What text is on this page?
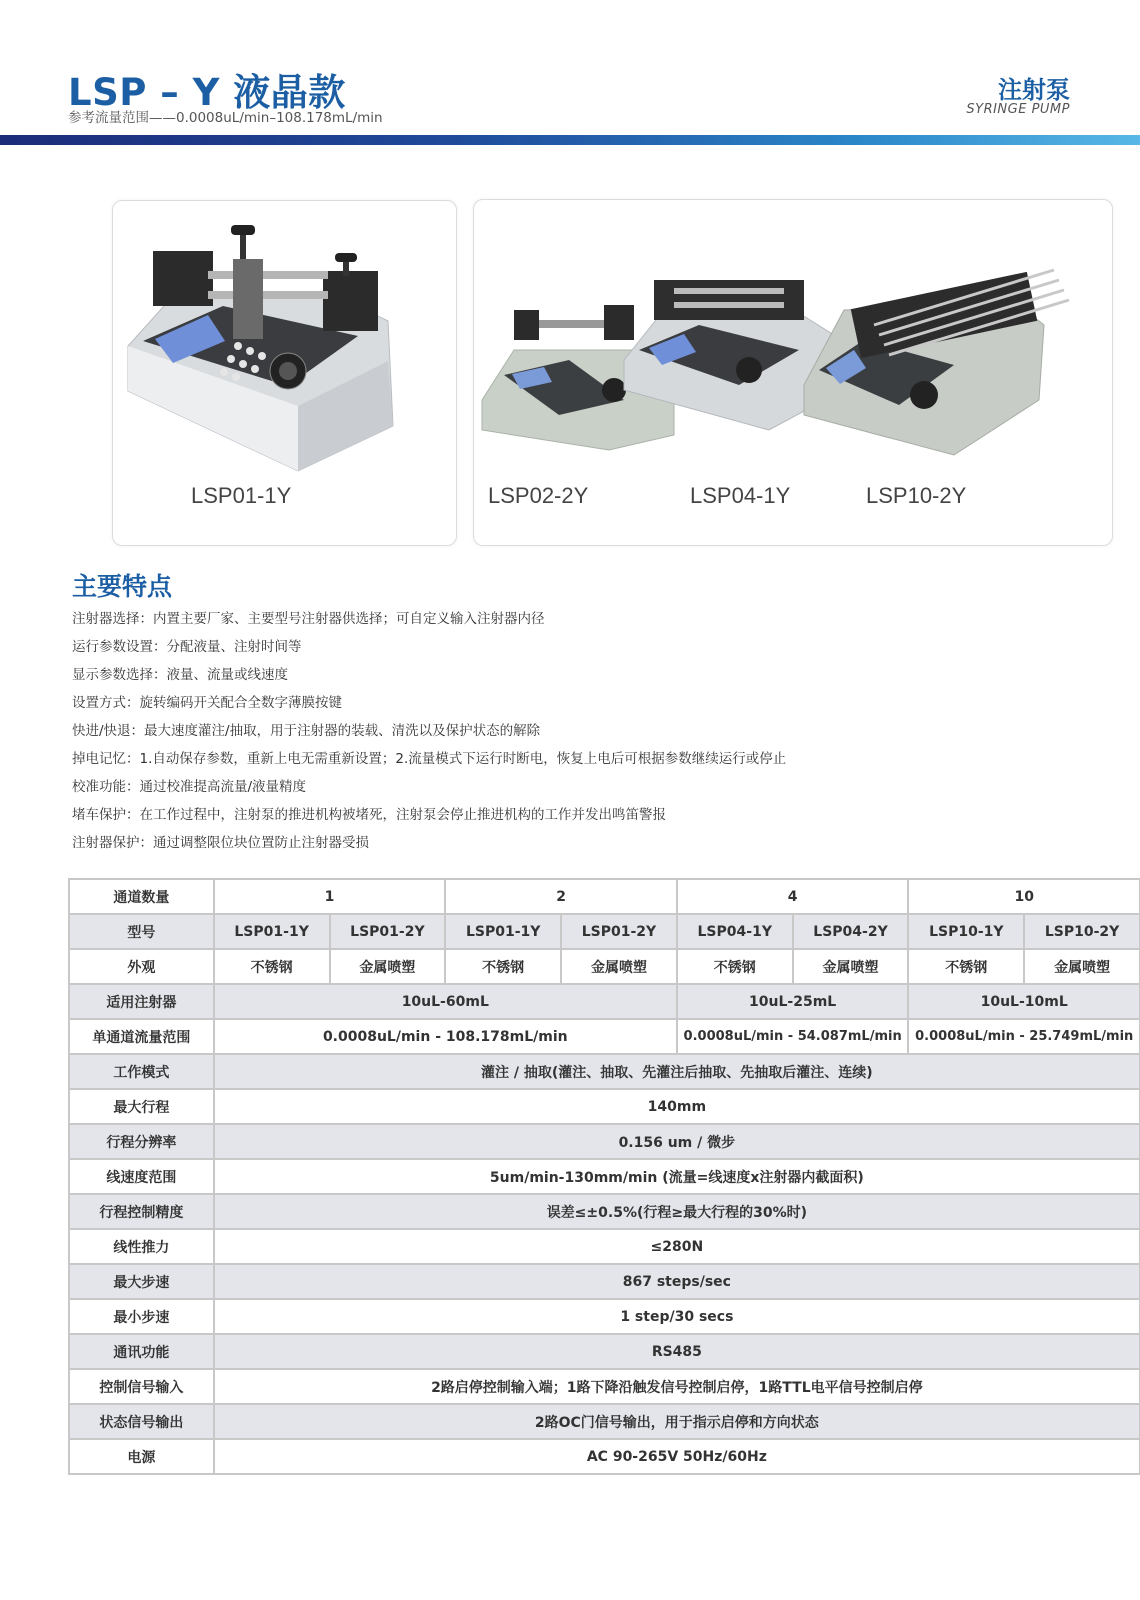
LSP – Y 液晶款
参考流量范围——0.0008uL/min–108.178mL/min
注射泵
SYRINGE PUMP
LSP01-1Y	LSP02-2Y	LSP04-1Y	LSP10-2Y
主要特点
注射器选择：内置主要厂家、主要型号注射器供选择；可自定义输入注射器内径
运行参数设置：分配液量、注射时间等
显示参数选择：液量、流量或线速度
设置方式：旋转编码开关配合全数字薄膜按键
快进/快退：最大速度灌注/抽取，用于注射器的装载、清洗以及保护状态的解除
掉电记忆：1.自动保存参数，重新上电无需重新设置；2.流量模式下运行时断电，恢复上电后可根据参数继续运行或停止
校准功能：通过校准提高流量/液量精度
堵车保护：在工作过程中，注射泵的推进机构被堵死，注射泵会停止推进机构的工作并发出鸣笛警报
注射器保护：通过调整限位块位置防止注射器受损
通道数量	1		2		4		10	
型号	LSP01-1Y	LSP01-2Y	LSP01-1Y	LSP01-2Y	LSP04-1Y	LSP04-2Y	LSP10-1Y	LSP10-2Y
外观	不锈钢	金属喷塑	不锈钢	金属喷塑	不锈钢	金属喷塑	不锈钢	金属喷塑
适用注射器	10uL-60mL				10uL-25mL		10uL-10mL	
单通道流量范围	0.0008uL/min - 108.178mL/min				0.0008uL/min - 54.087mL/min		0.0008uL/min - 25.749mL/min	
工作模式	灌注 / 抽取(灌注、抽取、先灌注后抽取、先抽取后灌注、连续)							
最大行程	140mm							
行程分辨率	0.156 um / 微步							
线速度范围	5um/min-130mm/min (流量=线速度x注射器内截面积)							
行程控制精度	误差≤±0.5%(行程≥最大行程的30%时)							
线性推力	≤280N							
最大步速	867 steps/sec							
最小步速	1 step/30 secs							
通讯功能	RS485							
控制信号输入	2路启停控制输入端；1路下降沿触发信号控制启停，1路TTL电平信号控制启停							
状态信号输出	2路OC门信号输出，用于指示启停和方向状态							
电源	AC 90-265V 50Hz/60Hz							
